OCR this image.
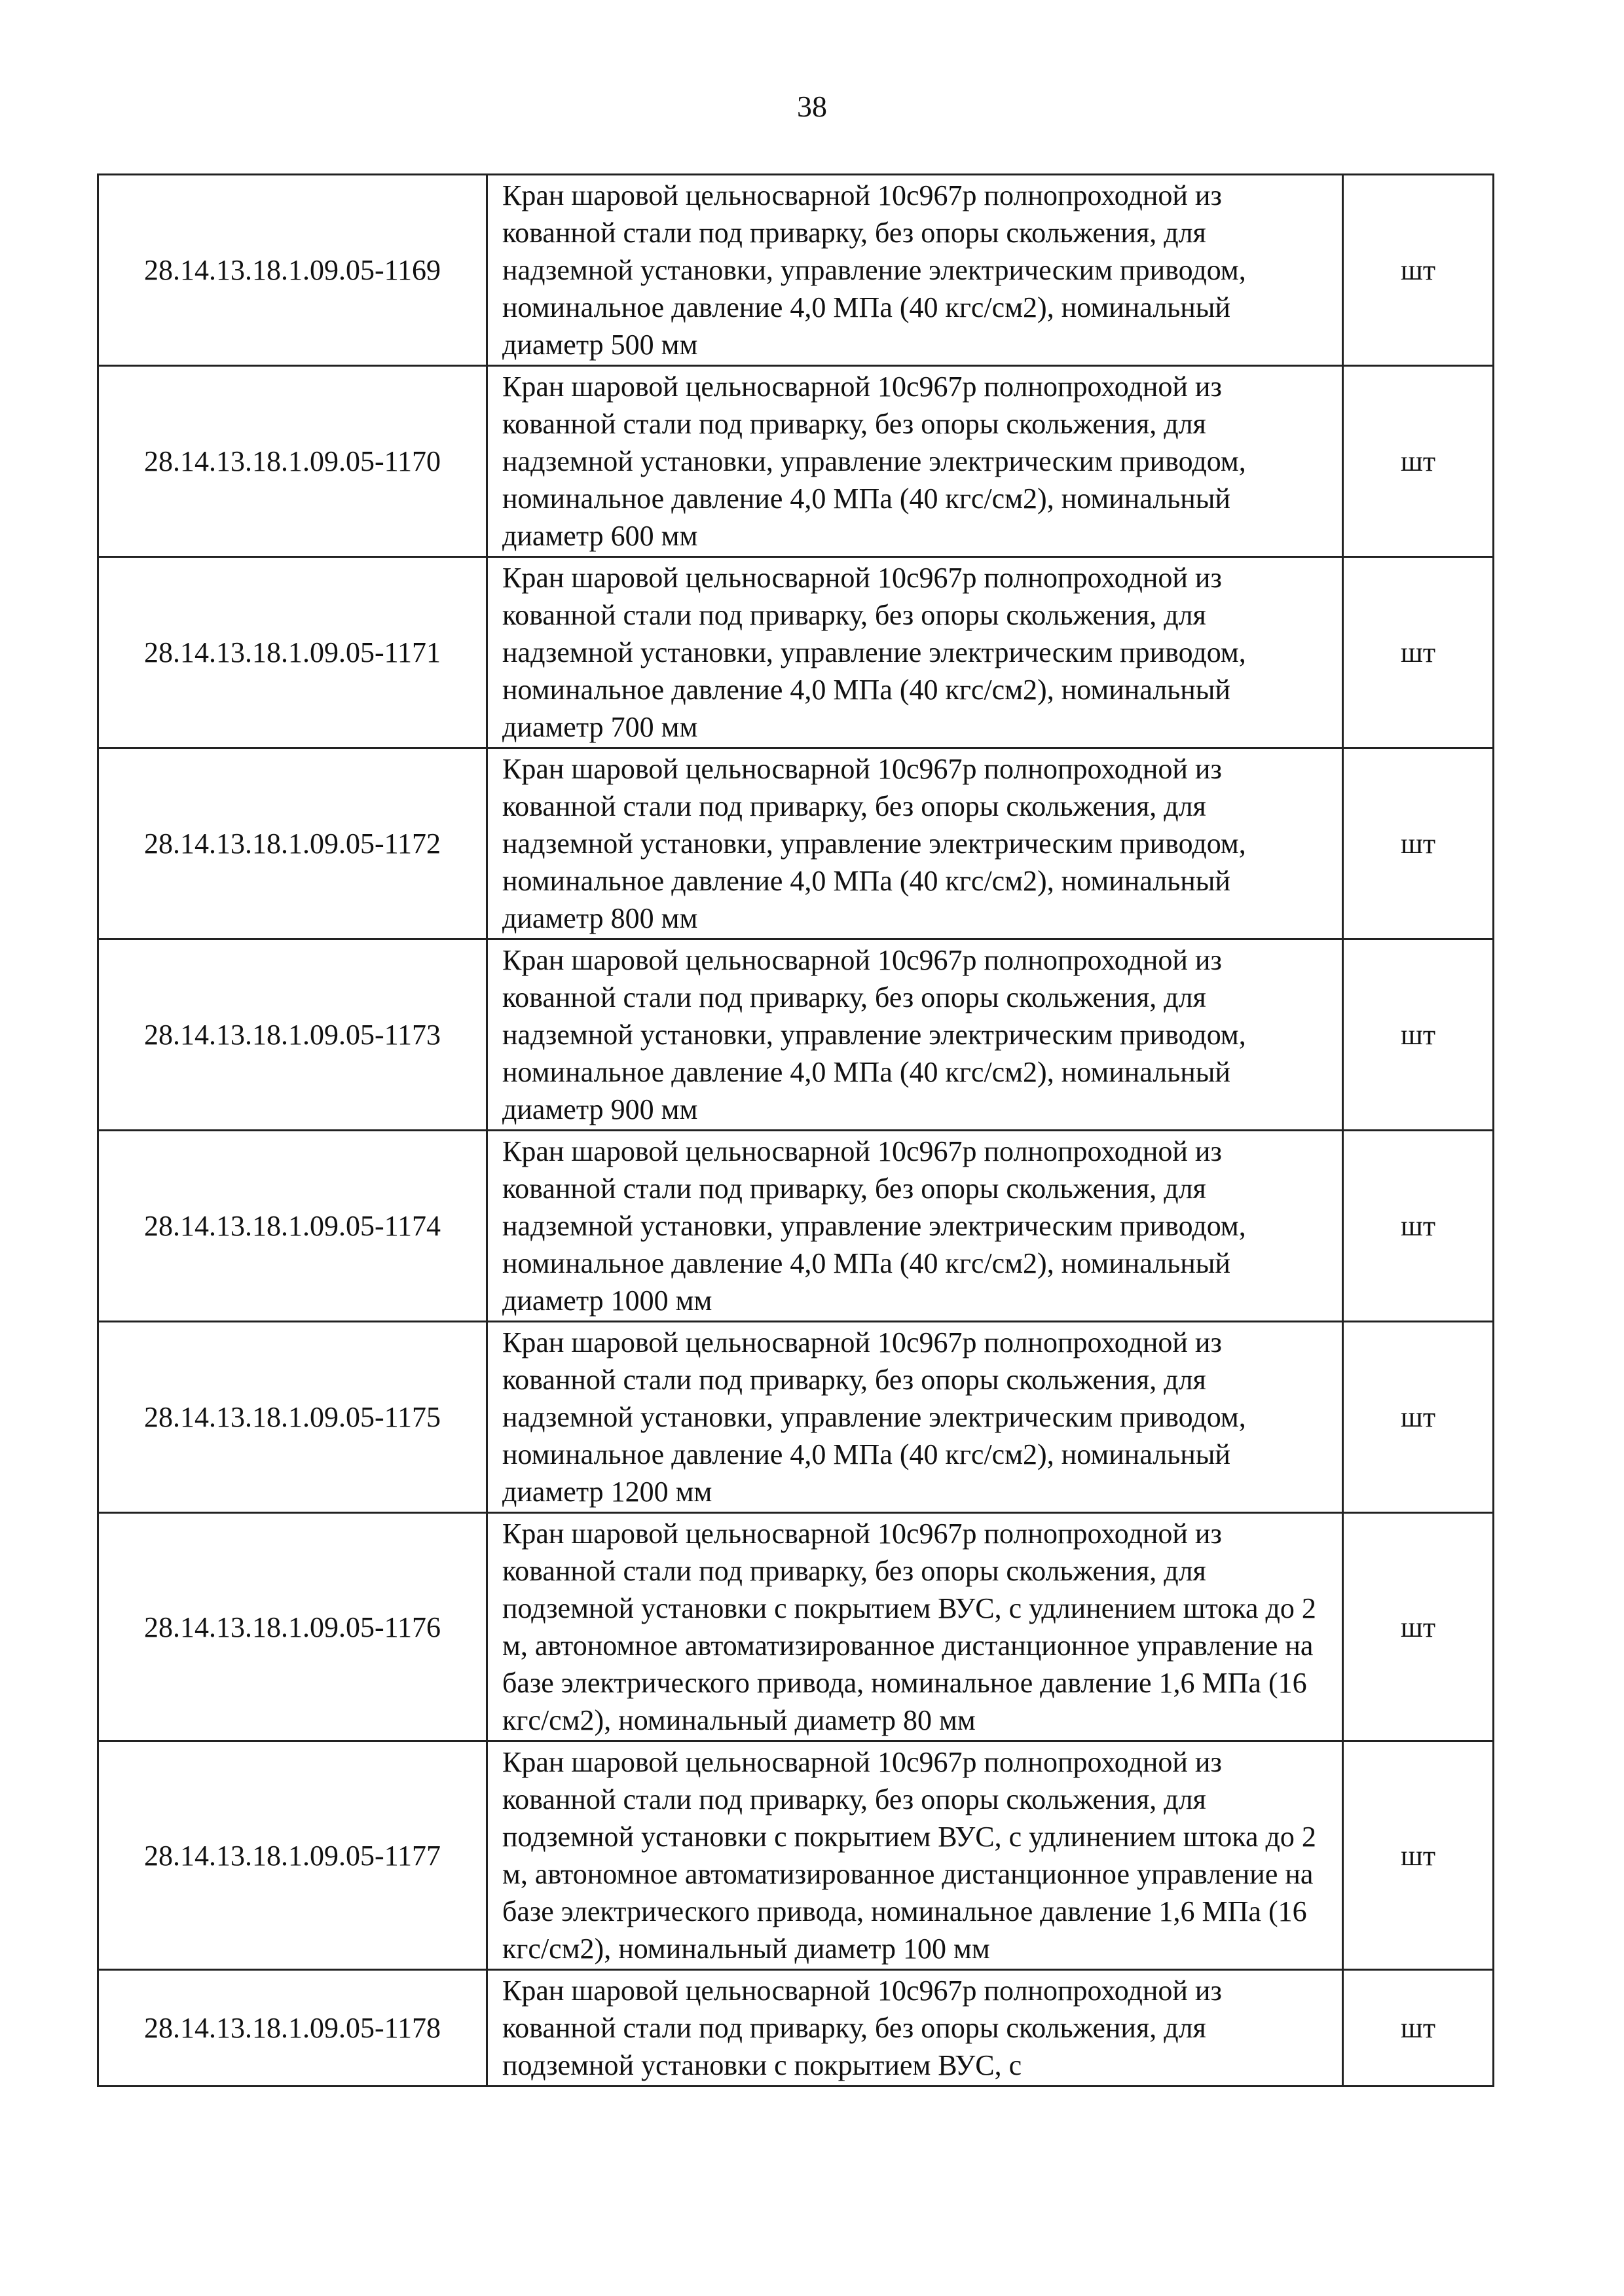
38
28.14.13.18.1.09.05-1169	Кран шаровой цельносварной 10с967р полнопроходной из кованной стали под приварку, без опоры скольжения, для надземной установки, управление электрическим приводом, номинальное давление 4,0 МПа (40 кгс/см2), номинальный диаметр 500 мм	шт
28.14.13.18.1.09.05-1170	Кран шаровой цельносварной 10с967р полнопроходной из кованной стали под приварку, без опоры скольжения, для надземной установки, управление электрическим приводом, номинальное давление 4,0 МПа (40 кгс/см2), номинальный диаметр 600 мм	шт
28.14.13.18.1.09.05-1171	Кран шаровой цельносварной 10с967р полнопроходной из кованной стали под приварку, без опоры скольжения, для надземной установки, управление электрическим приводом, номинальное давление 4,0 МПа (40 кгс/см2), номинальный диаметр 700 мм	шт
28.14.13.18.1.09.05-1172	Кран шаровой цельносварной 10с967р полнопроходной из кованной стали под приварку, без опоры скольжения, для надземной установки, управление электрическим приводом, номинальное давление 4,0 МПа (40 кгс/см2), номинальный диаметр 800 мм	шт
28.14.13.18.1.09.05-1173	Кран шаровой цельносварной 10с967р полнопроходной из кованной стали под приварку, без опоры скольжения, для надземной установки, управление электрическим приводом, номинальное давление 4,0 МПа (40 кгс/см2), номинальный диаметр 900 мм	шт
28.14.13.18.1.09.05-1174	Кран шаровой цельносварной 10с967р полнопроходной из кованной стали под приварку, без опоры скольжения, для надземной установки, управление электрическим приводом, номинальное давление 4,0 МПа (40 кгс/см2), номинальный диаметр 1000 мм	шт
28.14.13.18.1.09.05-1175	Кран шаровой цельносварной 10с967р полнопроходной из кованной стали под приварку, без опоры скольжения, для надземной установки, управление электрическим приводом, номинальное давление 4,0 МПа (40 кгс/см2), номинальный диаметр 1200 мм	шт
28.14.13.18.1.09.05-1176	Кран шаровой цельносварной 10с967р полнопроходной из кованной стали под приварку, без опоры скольжения, для подземной установки с покрытием ВУС, с удлинением штока до 2 м, автономное автоматизированное дистанционное управление на базе электрического привода, номинальное давление 1,6 МПа (16 кгс/см2), номинальный диаметр 80 мм	шт
28.14.13.18.1.09.05-1177	Кран шаровой цельносварной 10с967р полнопроходной из кованной стали под приварку, без опоры скольжения, для подземной установки с покрытием ВУС, с удлинением штока до 2 м, автономное автоматизированное дистанционное управление на базе электрического привода, номинальное давление 1,6 МПа (16 кгс/см2), номинальный диаметр 100 мм	шт
28.14.13.18.1.09.05-1178	Кран шаровой цельносварной 10с967р полнопроходной из кованной стали под приварку, без опоры скольжения, для подземной установки с покрытием ВУС, с	шт
